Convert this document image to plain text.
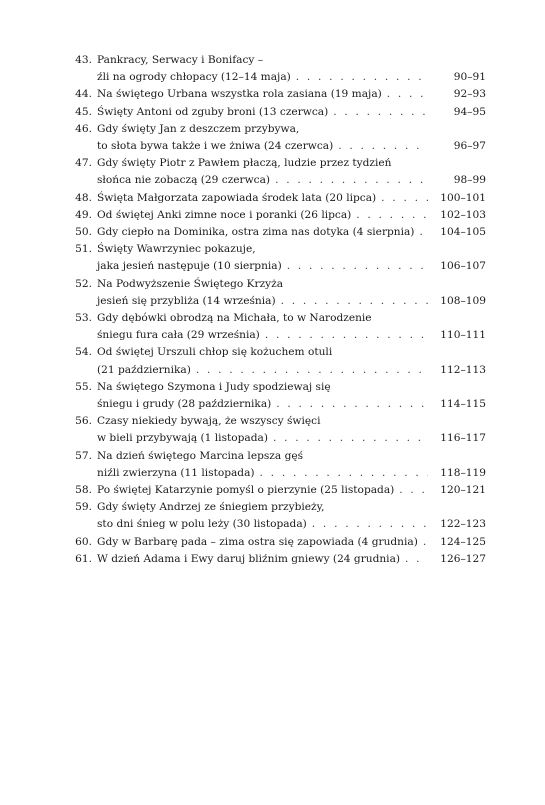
43. Pankracy, Serwacy i Bonifacy –
źli na ogrody chłopacy (12–14 maja) . . .	90–91
44. Na świętego Urbana wszystka rola zasiana (19 maja) . . .	92–93
45. Święty Antoni od zguby broni (13 czerwca) . . .	94–95
46. Gdy święty Jan z deszczem przybywa,
to słota bywa także i we żniwa (24 czerwca) . . .	96–97
47. Gdy święty Piotr z Pawłem płaczą, ludzie przez tydzień
słońca nie zobaczą (29 czerwca) . . .	98–99
48. Święta Małgorzata zapowiada środek lata (20 lipca) . . .	100–101
49. Od świętej Anki zimne noce i poranki (26 lipca) . . .	102–103
50. Gdy ciepło na Dominika, ostra zima nas dotyka (4 sierpnia) . . .	104–105
51. Święty Wawrzyniec pokazuje,
jaka jesień następuje (10 sierpnia) . . .	106–107
52. Na Podwyższenie Świętego Krzyża
jesień się przybliża (14 września) . . .	108–109
53. Gdy dębówki obrodzą na Michała, to w Narodzenie
śniegu fura cała (29 września) . . .	110–111
54. Od świętej Urszuli chłop się kożuchem otuli
(21 października) . . .	112–113
55. Na świętego Szymona i Judy spodziewaj się
śniegu i grudy (28 października) . . .	114–115
56. Czasy niekiedy bywają, że wszyscy święci
w bieli przybywają (1 listopada) . . .	116–117
57. Na dzień świętego Marcina lepsza gęś
niźli zwierzyna (11 listopada) . . .	118–119
58. Po świętej Katarzynie pomyśl o pierzynie (25 listopada) . . .	120–121
59. Gdy święty Andrzej ze śniegiem przybieży,
sto dni śnieg w polu leży (30 listopada) . . .	122–123
60. Gdy w Barbarę pada – zima ostra się zapowiada (4 grudnia) . . .	124–125
61. W dzień Adama i Ewy daruj bliźnim gniewy (24 grudnia) . . .	126–127
